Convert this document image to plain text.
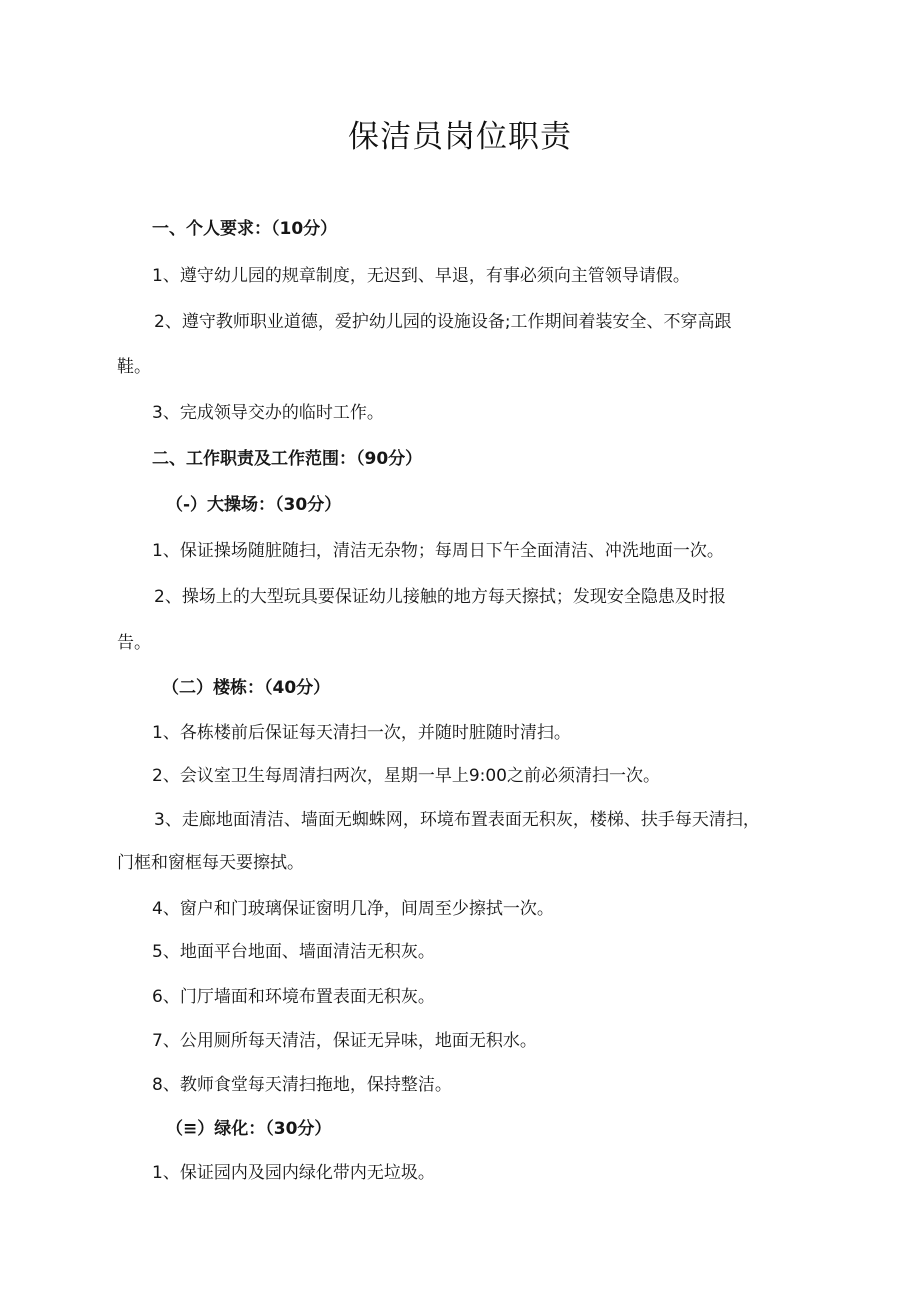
保洁员岗位职责
一、个人要求：（10分）
1、遵守幼儿园的规章制度，无迟到、早退，有事必须向主管领导请假。
2、遵守教师职业道德，爱护幼儿园的设施设备;工作期间着装安全、不穿高跟
鞋。
3、完成领导交办的临时工作。
二、工作职责及工作范围：（90分）
（-）大操场：（30分）
1、保证操场随脏随扫，清洁无杂物；每周日下午全面清洁、冲洗地面一次。
2、操场上的大型玩具要保证幼儿接触的地方每天擦拭；发现安全隐患及时报
告。
（二）楼栋：（40分）
1、各栋楼前后保证每天清扫一次，并随时脏随时清扫。
2、会议室卫生每周清扫两次，星期一早上9:00之前必须清扫一次。
3、走廊地面清洁、墙面无蜘蛛网，环境布置表面无积灰，楼梯、扶手每天清扫，
门框和窗框每天要擦拭。
4、窗户和门玻璃保证窗明几净，间周至少擦拭一次。
5、地面平台地面、墙面清洁无积灰。
6、门厅墙面和环境布置表面无积灰。
7、公用厕所每天清洁，保证无异味，地面无积水。
8、教师食堂每天清扫拖地，保持整洁。
（≡）绿化：（30分）
1、保证园内及园内绿化带内无垃圾。
